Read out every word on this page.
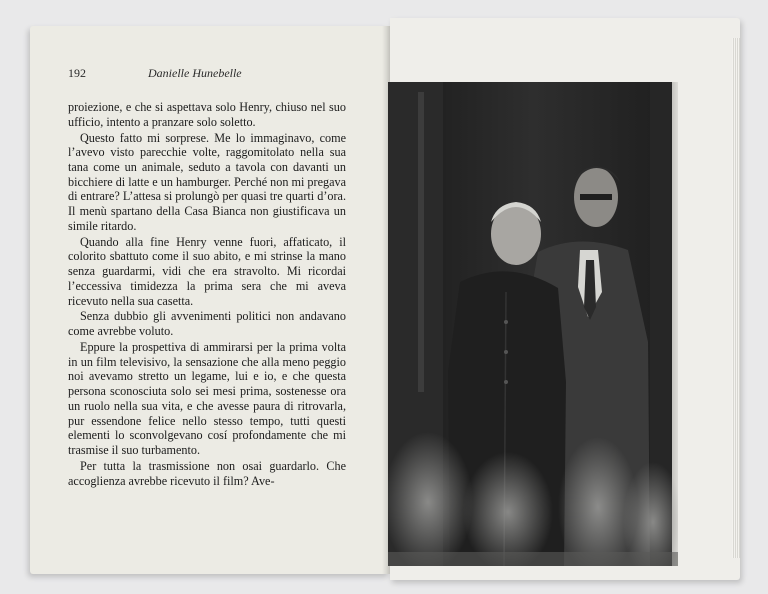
192	Danielle Hunebelle

proiezione, e che si aspettava solo Henry, chiuso nel suo ufficio, intento a pranzare solo soletto.

Questo fatto mi sorprese. Me lo immaginavo, come l’avevo visto parecchie volte, raggomitolato nella sua tana come un animale, seduto a tavola con davanti un bicchiere di latte e un hamburger. Perché non mi pregava di entrare? L’attesa si prolungò per quasi tre quarti d’ora. Il menù spartano della Casa Bianca non giustificava un simile ritardo.

Quando alla fine Henry venne fuori, affaticato, il colorito sbattuto come il suo abito, e mi strinse la mano senza guardarmi, vidi che era stravolto. Mi ricordai l’eccessiva timidezza la prima sera che mi aveva ricevuto nella sua casetta.

Senza dubbio gli avvenimenti politici non andavano come avrebbe voluto.

Eppure la prospettiva di ammirarsi per la prima volta in un film televisivo, la sensazione che alla meno peggio noi avevamo stretto un legame, lui e io, e che questa persona sconosciuta solo sei mesi prima, sostenesse ora un ruolo nella sua vita, e che avesse paura di ritrovarla, pur essendone felice nello stesso tempo, tutti questi elementi lo sconvolgevano cosí profondamente che mi trasmise il suo turbamento.

Per tutta la trasmissione non osai guardarlo. Che accoglienza avrebbe ricevuto il film? Ave-
